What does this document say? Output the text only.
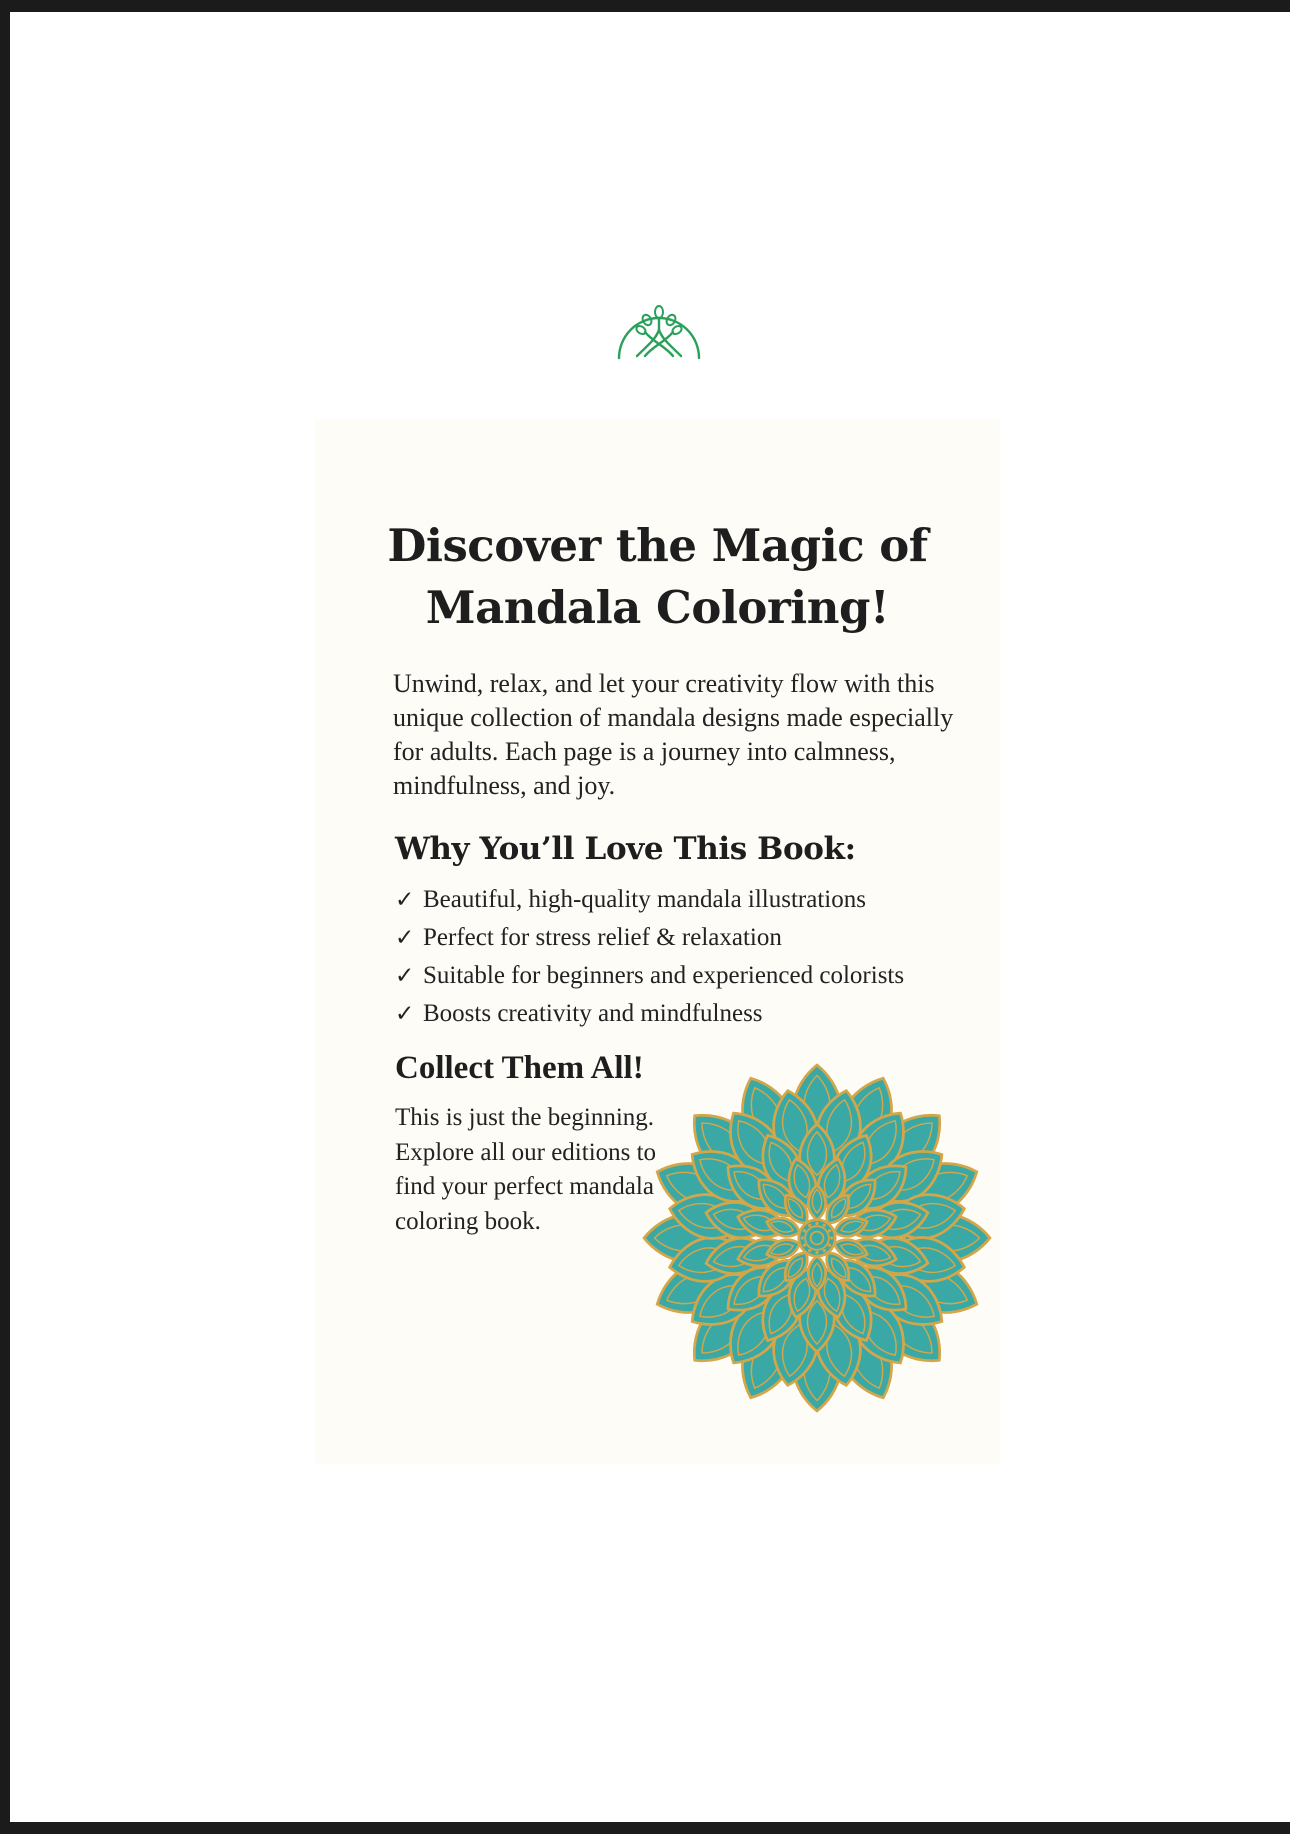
Discover the Magic of
Mandala Coloring!

Unwind, relax, and let your creativity flow with this unique collection of mandala designs made especially for adults. Each page is a journey into calmness, mindfulness, and joy.

Why You’ll Love This Book:
✓ Beautiful, high-quality mandala illustrations
✓ Perfect for stress relief & relaxation
✓ Suitable for beginners and experienced colorists
✓ Boosts creativity and mindfulness
Collect Them All!

This is just the beginning. Explore all our editions to find your perfect mandala coloring book.
